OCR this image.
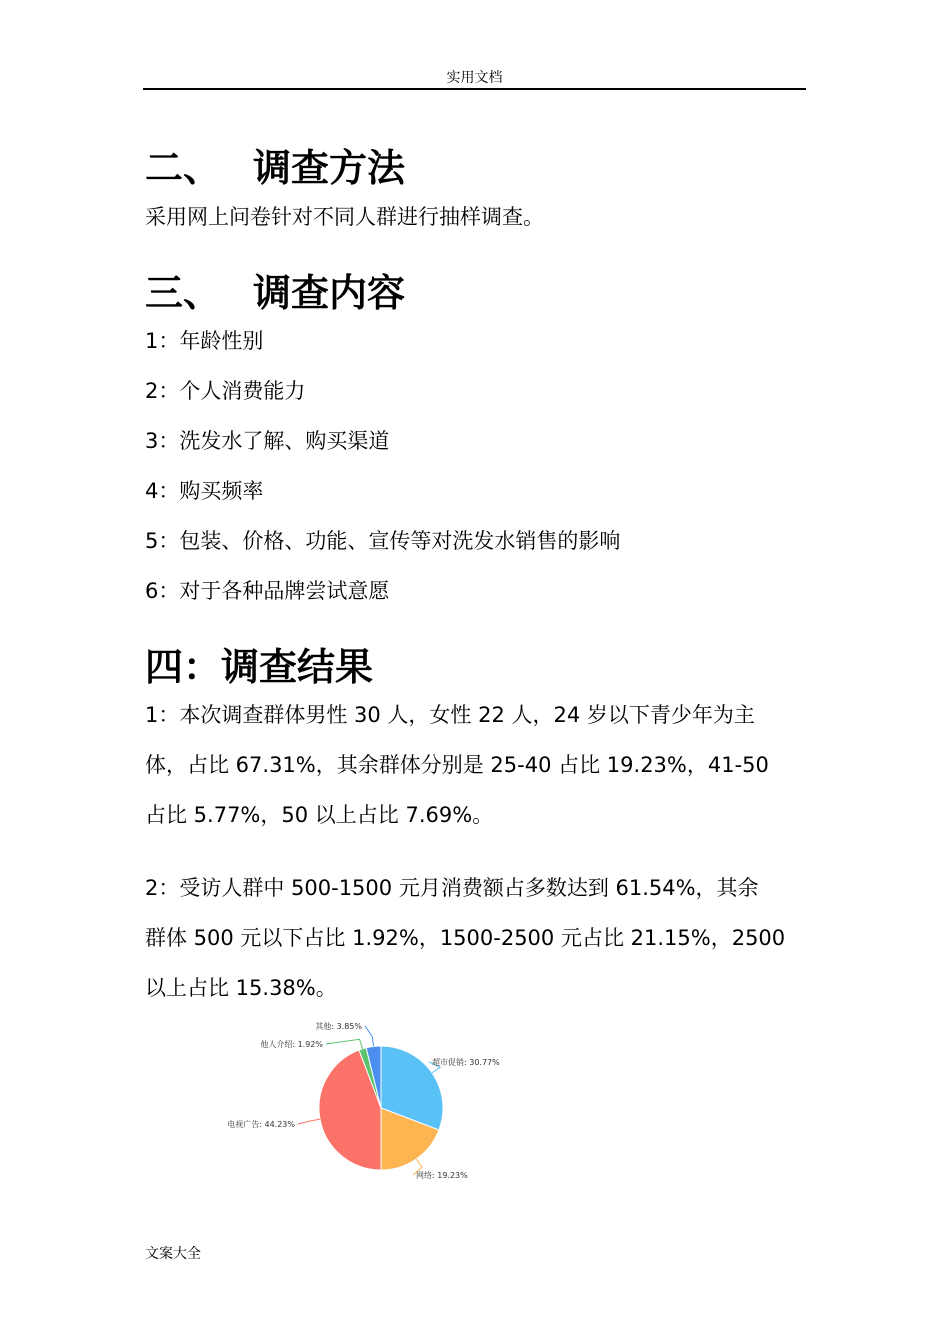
实用文档
二、 调查方法
采用网上问卷针对不同人群进行抽样调查。
三、 调查内容
1：年龄性别
2：个人消费能力
3：洗发水了解、购买渠道
4：购买频率
5：包装、价格、功能、宣传等对洗发水销售的影响
6：对于各种品牌尝试意愿
四：调查结果
1：本次调查群体男性 30 人，女性 22 人，24 岁以下青少年为主
体，占比 67.31%，其余群体分别是 25-40 占比 19.23%，41-50
占比 5.77%，50 以上占比 7.69%。
2：受访人群中 500-1500 元月消费额占多数达到 61.54%，其余
群体 500 元以下占比 1.92%，1500-2500 元占比 21.15%，2500
以上占比 15.38%。
超市促销: 30.77%
网络: 19.23%
电视广告: 44.23%
他人介绍: 1.92%
其他: 3.85%
文案大全
